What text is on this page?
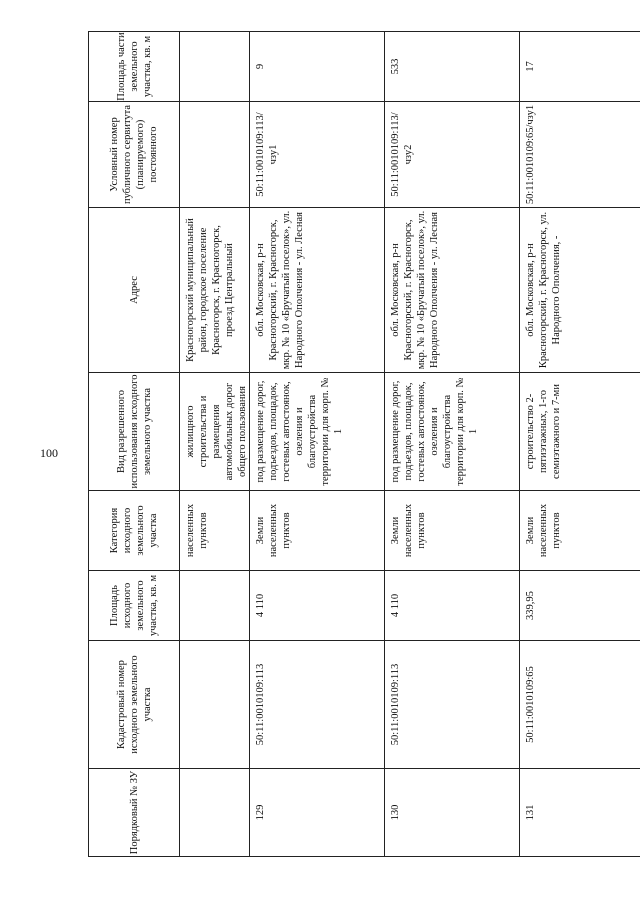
100
Порядковый № ЗУ	Кадастровый номер исходного земельного участка	Площадь исходного земельного участка, кв. м	Категория исходного земельного участка	Вид разрешенного использования исходного земельного участка	Адрес	Условный номер публичного сервитута (планируемого) постоянного	Площадь части земельного участка, кв. м
			населенных пунктов	жилищного строительства и размещения автомобильных дорог общего пользования	Красногорский муниципальный район, городское поселение Красногорск, г. Красногорск, проезд Центральный		
129	50:11:0010109:113	4 110	Земли населенных пунктов	под размещение дорог, подъездов, площадок, гостевых автостоянок, озеления и благоустройства территории для корп. № 1	обл. Московская, р-н Красногорский, г. Красногорск, мкр. № 10 «Бручатый поселок», ул. Народного Ополчения - ул. Лесная	50:11:0010109:113/чзу1	9
130	50:11:0010109:113	4 110	Земли населенных пунктов	под размещение дорог, подъездов, площадок, гостевых автостоянок, озеления и благоустройства территории для корп. № 1	обл. Московская, р-н Красногорский, г. Красногорск, мкр. № 10 «Бручатый поселок», ул. Народного Ополчения - ул. Лесная	50:11:0010109:113/чзу2	533
131	50:11:0010109:65	339,95	Земли населенных пунктов	строительство 2- пятиэтажных, 1-го семиэтажного и 7-ми	обл. Московская, р-н Красногорский, г. Красногорск, ул. Народного Ополчения, -	50:11:0010109:65/чзу1	17
